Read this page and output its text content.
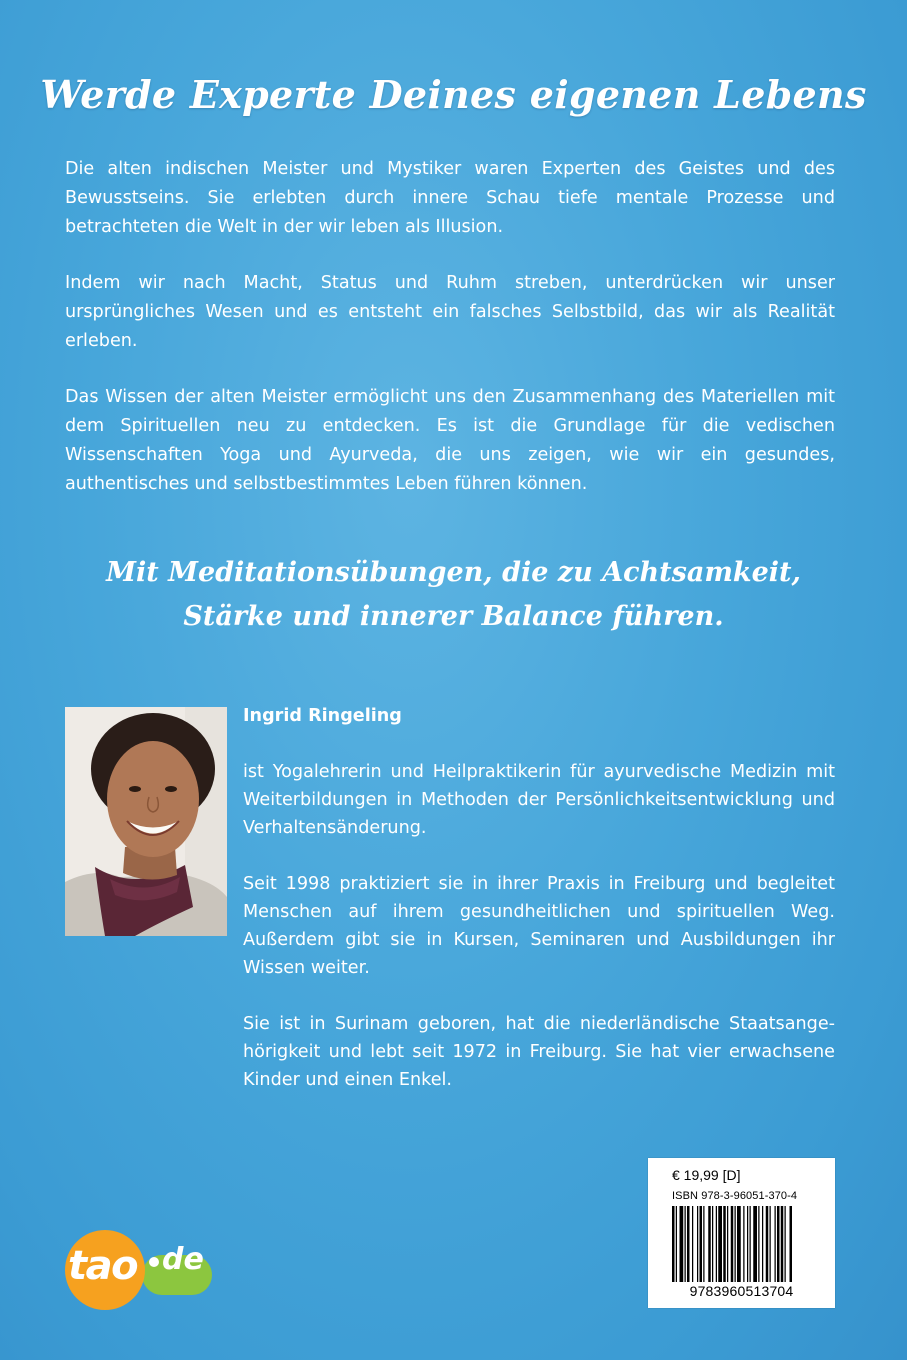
Werde Experte Deines eigenen Lebens

Die alten indischen Meister und Mystiker waren Experten des Geistes und des Bewusstseins. Sie erlebten durch innere Schau tiefe mentale Prozesse und betrachteten die Welt in der wir leben als Illusion.

Indem wir nach Macht, Status und Ruhm streben, unterdrücken wir unser ursprüngliches Wesen und es entsteht ein falsches Selbstbild, das wir als Realität erleben.

Das Wissen der alten Meister ermöglicht uns den Zusammenhang des Materiellen mit dem Spirituellen neu zu entdecken. Es ist die Grundlage für die vedischen Wissenschaften Yoga und Ayurveda, die uns zeigen, wie wir ein gesundes, authentisches und selbstbestimmtes Leben führen können.

Mit Meditationsübungen, die zu Achtsamkeit,
Stärke und innerer Balance führen.

Ingrid Ringeling

ist Yogalehrerin und Heilpraktikerin für ayurvedische Medizin mit Weiterbildungen in Methoden der Persönlichkeitsentwicklung und Verhaltensänderung.

Seit 1998 praktiziert sie in ihrer Praxis in Freiburg und begleitet Menschen auf ihrem gesundheitlichen und spirituellen Weg. Außerdem gibt sie in Kursen, Seminaren und Ausbildungen ihr Wissen weiter.

Sie ist in Surinam geboren, hat die niederländische Staatsange-hörigkeit und lebt seit 1972 in Freiburg. Sie hat vier erwachsene Kinder und einen Enkel.

tao de
€ 19,99 [D]
ISBN 978-3-96051-370-4
9783960513704
